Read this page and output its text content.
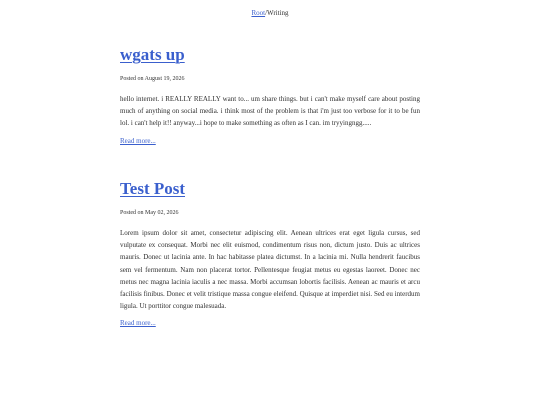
Root/Writing
wgats up
Posted on August 19, 2026
hello internet. i REALLY REALLY want to... um share things. but i can't make myself care about posting much of anything on social media. i think most of the problem is that i'm just too verbose for it to be fun lol. i can't help it!! anyway...i hope to make something as often as I can. im tryyingngg.....
Read more...
Test Post
Posted on May 02, 2026
Lorem ipsum dolor sit amet, consectetur adipiscing elit. Aenean ultrices erat eget ligula cursus, sed vulputate ex consequat. Morbi nec elit euismod, condimentum risus non, dictum justo. Duis ac ultrices mauris. Donec ut lacinia ante. In hac habitasse platea dictumst. In a lacinia mi. Nulla hendrerit faucibus sem vel fermentum. Nam non placerat tortor. Pellentesque feugiat metus eu egestas laoreet. Donec nec metus nec magna lacinia iaculis a nec massa. Morbi accumsan lobortis facilisis. Aenean ac mauris et arcu facilisis finibus. Donec et velit tristique massa congue eleifend. Quisque at imperdiet nisi. Sed eu interdum ligula. Ut porttitor congue malesuada.
Read more...
